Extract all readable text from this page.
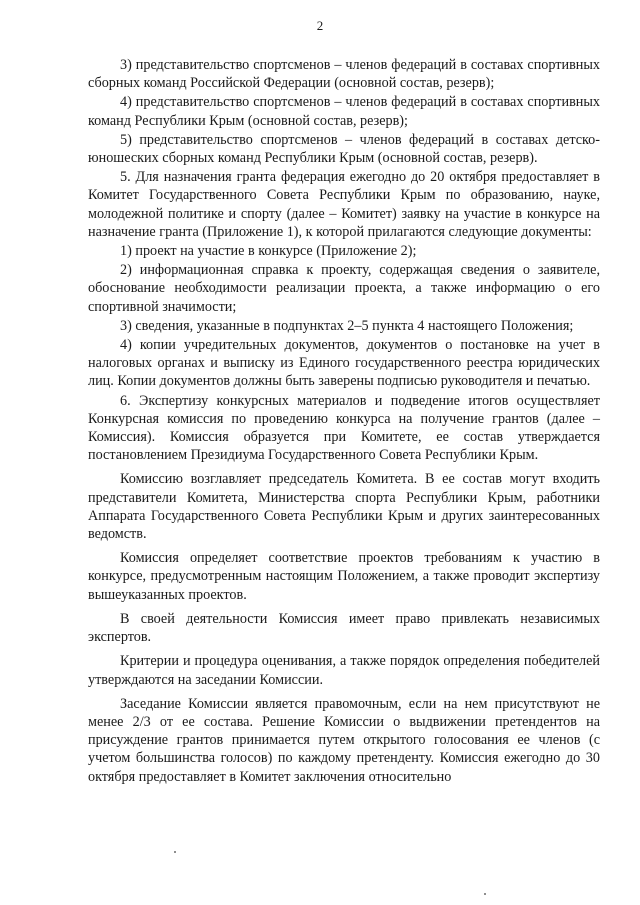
2

3) представительство спортсменов – членов федераций в составах спортивных сборных команд Российской Федерации (основной состав, резерв);

4) представительство спортсменов – членов федераций в составах спортивных команд Республики Крым (основной состав, резерв);

5) представительство спортсменов – членов федераций в составах детско-юношеских сборных команд Республики Крым (основной состав, резерв).

5. Для назначения гранта федерация ежегодно до 20 октября предоставляет в Комитет Государственного Совета Республики Крым по образованию, науке, молодежной политике и спорту (далее – Комитет) заявку на участие в конкурсе на назначение гранта (Приложение 1), к которой прилагаются следующие документы:

1) проект на участие в конкурсе (Приложение 2);

2) информационная справка к проекту, содержащая сведения о заявителе, обоснование необходимости реализации проекта, а также информацию о его спортивной значимости;

3) сведения, указанные в подпунктах 2–5 пункта 4 настоящего Положения;

4) копии учредительных документов, документов о постановке на учет в налоговых органах и выписку из Единого государственного реестра юридических лиц. Копии документов должны быть заверены подписью руководителя и печатью.

6. Экспертизу конкурсных материалов и подведение итогов осуществляет Конкурсная комиссия по проведению конкурса на получение грантов (далее – Комиссия). Комиссия образуется при Комитете, ее состав утверждается постановлением Президиума Государственного Совета Республики Крым.

Комиссию возглавляет председатель Комитета. В ее состав могут входить представители Комитета, Министерства спорта Республики Крым, работники Аппарата Государственного Совета Республики Крым и других заинтересованных ведомств.

Комиссия определяет соответствие проектов требованиям к участию в конкурсе, предусмотренным настоящим Положением, а также проводит экспертизу вышеуказанных проектов.

В своей деятельности Комиссия имеет право привлекать независимых экспертов.

Критерии и процедура оценивания, а также порядок определения победителей утверждаются на заседании Комиссии.

Заседание Комиссии является правомочным, если на нем присутствуют не менее 2/3 от ее состава. Решение Комиссии о выдвижении претендентов на присуждение грантов принимается путем открытого голосования ее членов (с учетом большинства голосов) по каждому претенденту. Комиссия ежегодно до 30 октября предоставляет в Комитет заключения относительно
